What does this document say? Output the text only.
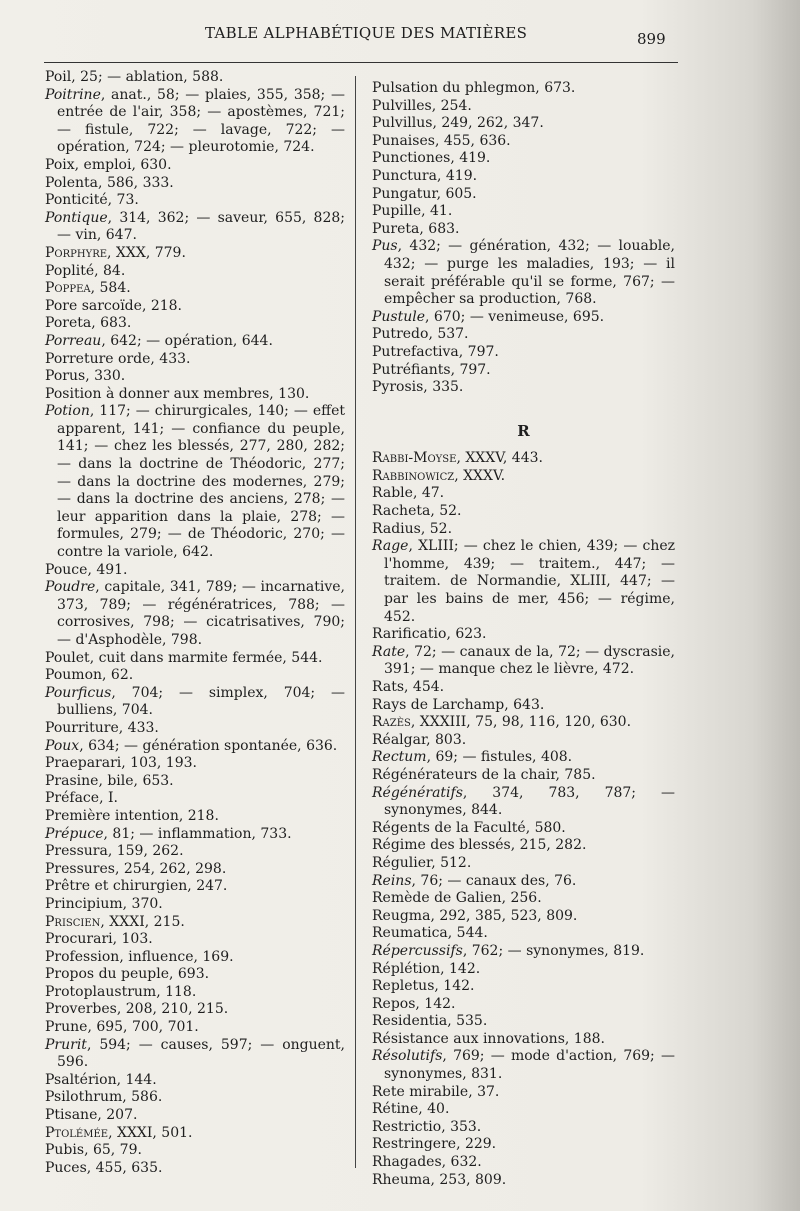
TABLE ALPHABÉTIQUE DES MATIÈRES	899

Poil, 25; — ablation, 588.

Poitrine, anat., 58; — plaies, 355, 358; — entrée de l'air, 358; — apostèmes, 721; — fistule, 722; — lavage, 722; — opération, 724; — pleurotomie, 724.

Poix, emploi, 630.

Polenta, 586, 333.

Ponticité, 73.

Pontique, 314, 362; — saveur, 655, 828; — vin, 647.

Porphyre, XXX, 779.

Poplité, 84.

Poppea, 584.

Pore sarcoïde, 218.

Poreta, 683.

Porreau, 642; — opération, 644.

Porreture orde, 433.

Porus, 330.

Position à donner aux membres, 130.

Potion, 117; — chirurgicales, 140; — effet apparent, 141; — confiance du peuple, 141; — chez les blessés, 277, 280, 282; — dans la doctrine de Théodoric, 277; — dans la doctrine des modernes, 279; — dans la doctrine des anciens, 278; — leur apparition dans la plaie, 278; — formules, 279; — de Théodoric, 270; — contre la variole, 642.

Pouce, 491.

Poudre, capitale, 341, 789; — incarnative, 373, 789; — régénératrices, 788; — corrosives, 798; — cicatrisatives, 790; — d'Asphodèle, 798.

Poulet, cuit dans marmite fermée, 544.

Poumon, 62.

Pourficus, 704; — simplex, 704; — bulliens, 704.

Pourriture, 433.

Poux, 634; — génération spontanée, 636.

Praeparari, 103, 193.

Prasine, bile, 653.

Préface, I.

Première intention, 218.

Prépuce, 81; — inflammation, 733.

Pressura, 159, 262.

Pressures, 254, 262, 298.

Prêtre et chirurgien, 247.

Principium, 370.

Priscien, XXXI, 215.

Procurari, 103.

Profession, influence, 169.

Propos du peuple, 693.

Protoplaustrum, 118.

Proverbes, 208, 210, 215.

Prune, 695, 700, 701.

Prurit, 594; — causes, 597; — onguent, 596.

Psaltérion, 144.

Psilothrum, 586.

Ptisane, 207.

Ptolémée, XXXI, 501.

Pubis, 65, 79.

Puces, 455, 635.

Pulsation du phlegmon, 673.

Pulvilles, 254.

Pulvillus, 249, 262, 347.

Punaises, 455, 636.

Punctiones, 419.

Punctura, 419.

Pungatur, 605.

Pupille, 41.

Pureta, 683.

Pus, 432; — génération, 432; — louable, 432; — purge les maladies, 193; — il serait préférable qu'il se forme, 767; — empêcher sa production, 768.

Pustule, 670; — venimeuse, 695.

Putredo, 537.

Putrefactiva, 797.

Putréfiants, 797.

Pyrosis, 335.

R

Rabbi-Moyse, XXXV, 443.

Rabbinowicz, XXXV.

Rable, 47.

Racheta, 52.

Radius, 52.

Rage, XLIII; — chez le chien, 439; — chez l'homme, 439; — traitem., 447; — traitem. de Normandie, XLIII, 447; — par les bains de mer, 456; — régime, 452.

Rarificatio, 623.

Rate, 72; — canaux de la, 72; — dyscrasie, 391; — manque chez le lièvre, 472.

Rats, 454.

Rays de Larchamp, 643.

Razès, XXXIII, 75, 98, 116, 120, 630.

Réalgar, 803.

Rectum, 69; — fistules, 408.

Régénérateurs de la chair, 785.

Régénératifs, 374, 783, 787; — synonymes, 844.

Régents de la Faculté, 580.

Régime des blessés, 215, 282.

Régulier, 512.

Reins, 76; — canaux des, 76.

Remède de Galien, 256.

Reugma, 292, 385, 523, 809.

Reumatica, 544.

Répercussifs, 762; — synonymes, 819.

Réplétion, 142.

Repletus, 142.

Repos, 142.

Residentia, 535.

Résistance aux innovations, 188.

Résolutifs, 769; — mode d'action, 769; — synonymes, 831.

Rete mirabile, 37.

Rétine, 40.

Restrictio, 353.

Restringere, 229.

Rhagades, 632.

Rheuma, 253, 809.
